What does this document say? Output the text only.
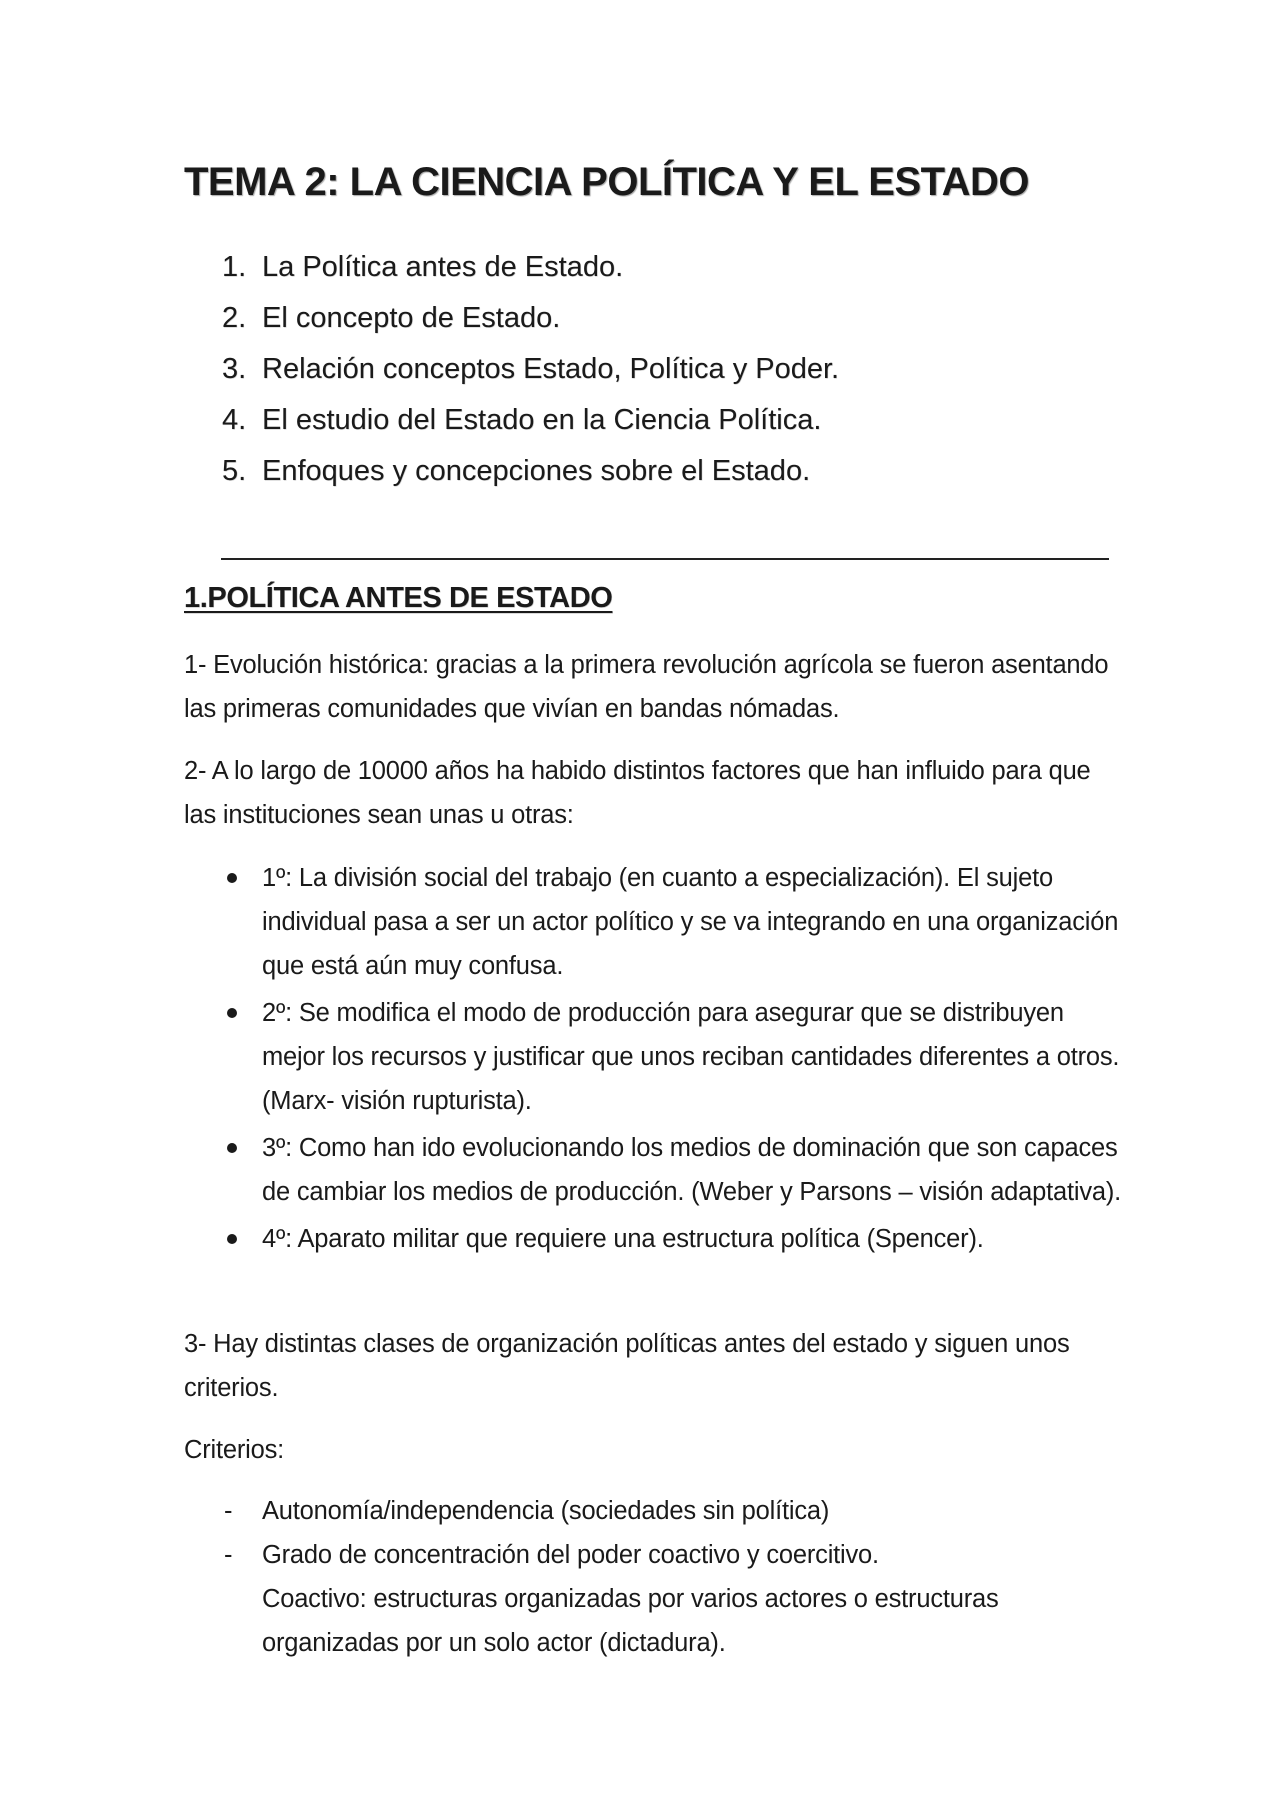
TEMA 2: LA CIENCIA POLÍTICA Y EL ESTADO
1. La Política antes de Estado.
2. El concepto de Estado.
3. Relación conceptos Estado, Política y Poder.
4. El estudio del Estado en la Ciencia Política.
5. Enfoques y concepciones sobre el Estado.
1.POLÍTICA ANTES DE ESTADO

1- Evolución histórica: gracias a la primera revolución agrícola se fueron asentando las primeras comunidades que vivían en bandas nómadas.

2- A lo largo de 10000 años ha habido distintos factores que han influido para que las instituciones sean unas u otras:

1º: La división social del trabajo (en cuanto a especialización). El sujeto individual pasa a ser un actor político y se va integrando en una organización que está aún muy confusa.
2º: Se modifica el modo de producción para asegurar que se distribuyen mejor los recursos y justificar que unos reciban cantidades diferentes a otros. (Marx- visión rupturista).
3º: Como han ido evolucionando los medios de dominación que son capaces de cambiar los medios de producción. (Weber y Parsons – visión adaptativa).
4º: Aparato militar que requiere una estructura política (Spencer).

3- Hay distintas clases de organización políticas antes del estado y siguen unos criterios.

Criterios:

- Autonomía/independencia (sociedades sin política)
- Grado de concentración del poder coactivo y coercitivo.
Coactivo: estructuras organizadas por varios actores o estructuras organizadas por un solo actor (dictadura).
